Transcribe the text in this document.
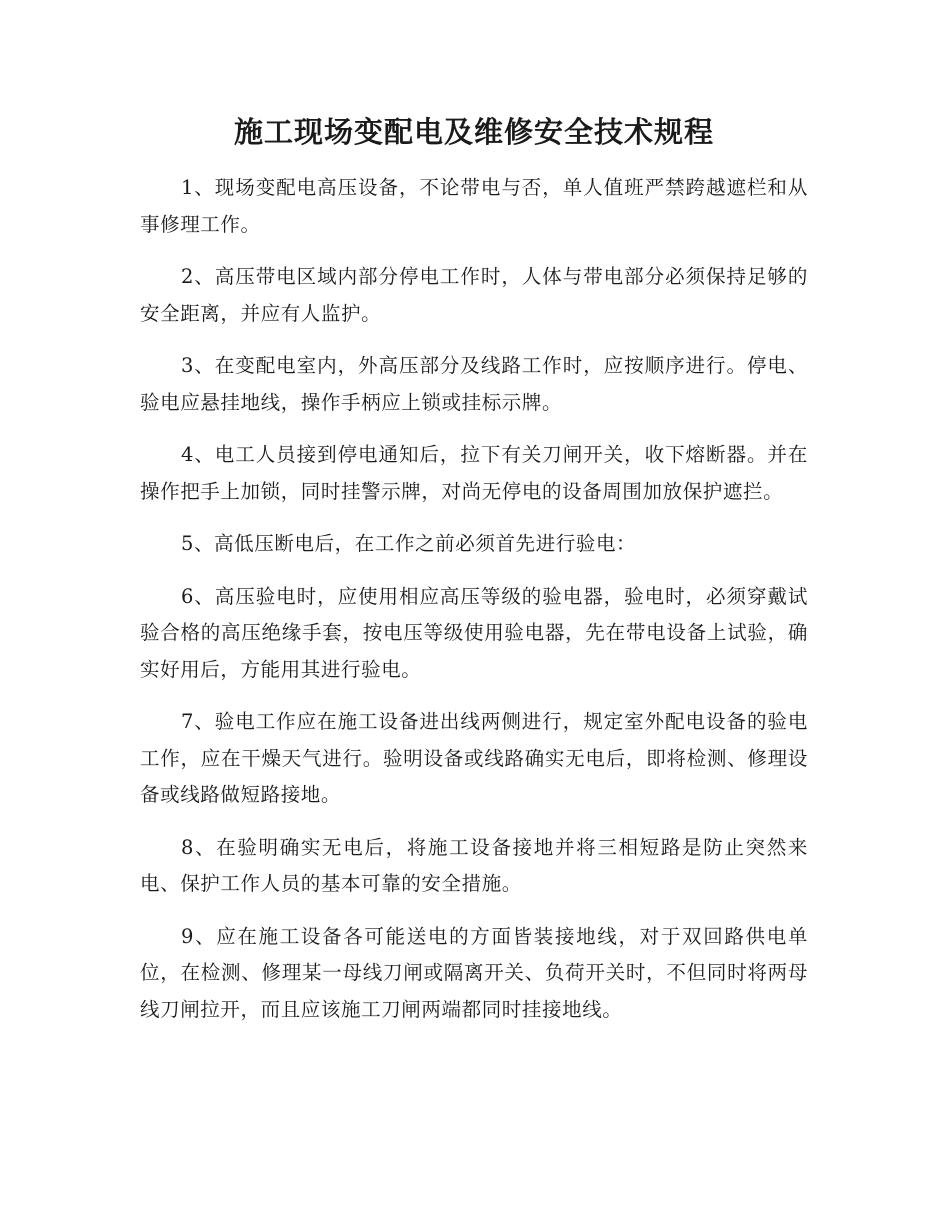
施工现场变配电及维修安全技术规程

1、现场变配电高压设备，不论带电与否，单人值班严禁跨越遮栏和从事修理工作。

2、高压带电区域内部分停电工作时，人体与带电部分必须保持足够的安全距离，并应有人监护。

3、在变配电室内，外高压部分及线路工作时，应按顺序进行。停电、验电应悬挂地线，操作手柄应上锁或挂标示牌。

4、电工人员接到停电通知后，拉下有关刀闸开关，收下熔断器。并在操作把手上加锁，同时挂警示牌，对尚无停电的设备周围加放保护遮拦。

5、高低压断电后，在工作之前必须首先进行验电：

6、高压验电时，应使用相应高压等级的验电器，验电时，必须穿戴试验合格的高压绝缘手套，按电压等级使用验电器，先在带电设备上试验，确实好用后，方能用其进行验电。

7、验电工作应在施工设备进出线两侧进行，规定室外配电设备的验电工作，应在干燥天气进行。验明设备或线路确实无电后，即将检测、修理设备或线路做短路接地。

8、在验明确实无电后，将施工设备接地并将三相短路是防止突然来电、保护工作人员的基本可靠的安全措施。

9、应在施工设备各可能送电的方面皆装接地线，对于双回路供电单位，在检测、修理某一母线刀闸或隔离开关、负荷开关时，不但同时将两母线刀闸拉开，而且应该施工刀闸两端都同时挂接地线。
